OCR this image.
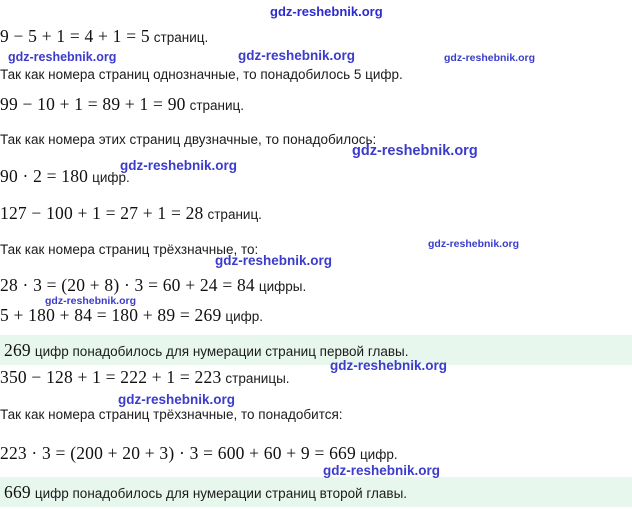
9 − 5 + 1 = 4 + 1 = 5 страниц.
Так как номера страниц однозначные, то понадобилось 5 цифр.
99 − 10 + 1 = 89 + 1 = 90 страниц.
Так как номера этих страниц двузначные, то понадобилось:
90 · 2 = 180 цифр.
127 − 100 + 1 = 27 + 1 = 28 страниц.
Так как номера страниц трёхзначные, то:
28 · 3 = (20 + 8) · 3 = 60 + 24 = 84 цифры.
5 + 180 + 84 = 180 + 89 = 269 цифр.
269 цифр понадобилось для нумерации страниц первой главы.
350 − 128 + 1 = 222 + 1 = 223 страницы.
Так как номера страниц трёхзначные, то понадобится:
223 · 3 = (200 + 20 + 3) · 3 = 600 + 60 + 9 = 669 цифр.
669 цифр понадобилось для нумерации страниц второй главы.
gdz-reshebnik.org
gdz-reshebnik.org	gdz-reshebnik.org	gdz-reshebnik.org
gdz-reshebnik.org
gdz-reshebnik.org
gdz-reshebnik.org
gdz-reshebnik.org
gdz-reshebnik.org
gdz-reshebnik.org
gdz-reshebnik.org
gdz-reshebnik.org
